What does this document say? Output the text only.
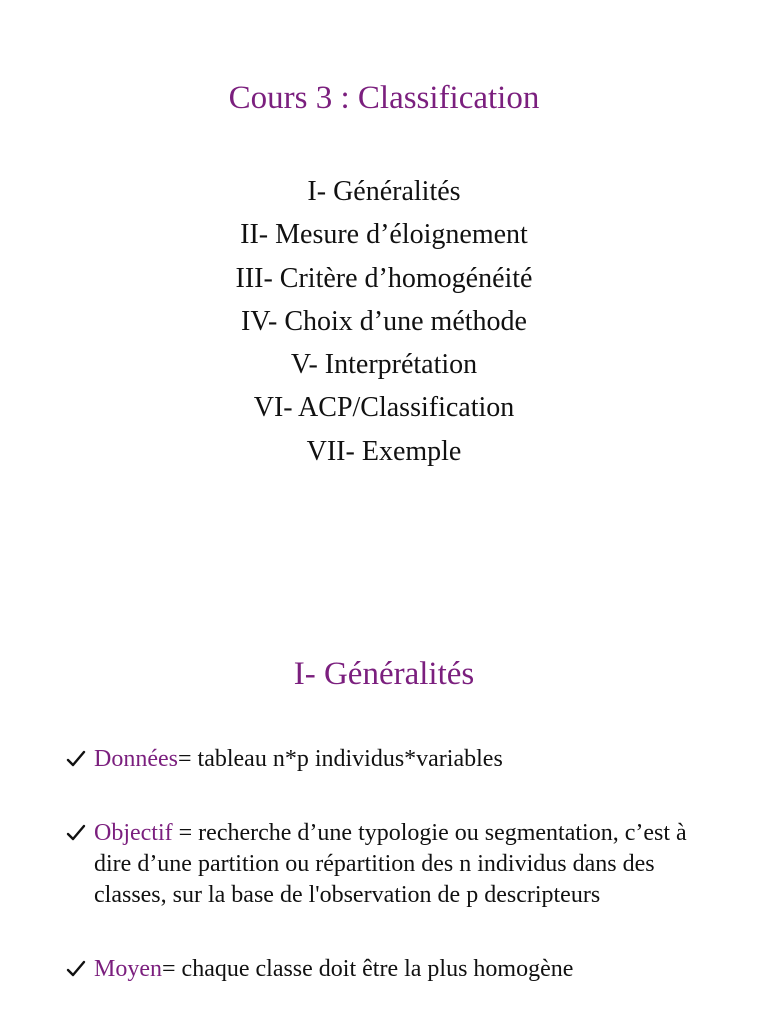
Cours 3 : Classification
I- Généralités
II- Mesure d’éloignement
III- Critère d’homogénéité
IV- Choix d’une méthode
V- Interprétation
VI- ACP/Classification
VII- Exemple
I- Généralités
Données= tableau n*p individus*variables
Objectif = recherche d’une typologie ou segmentation, c’est à dire d’une partition ou répartition des n individus dans des classes, sur la base de l'observation de p descripteurs
Moyen= chaque classe doit être la plus homogène
